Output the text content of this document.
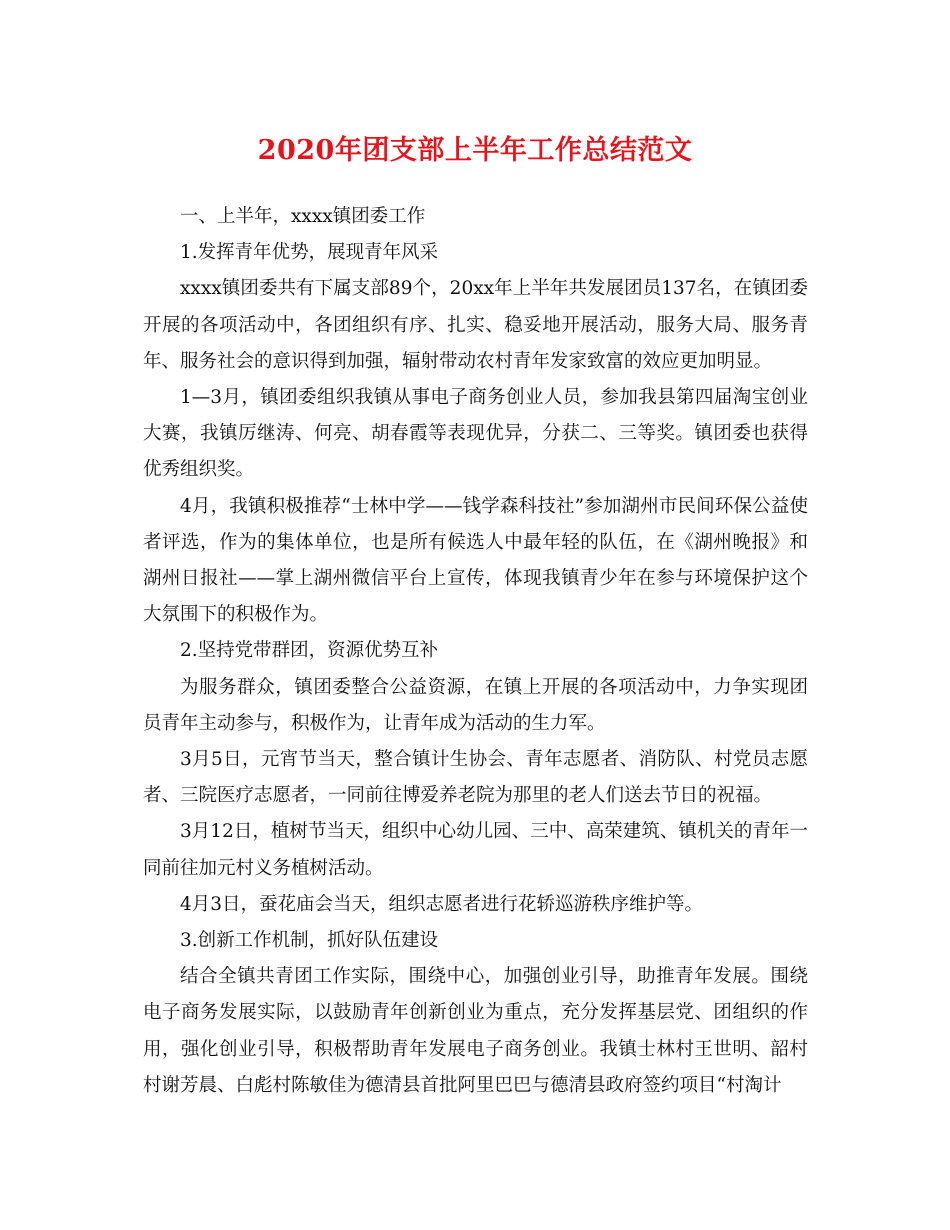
2020年团支部上半年工作总结范文

一、上半年，xxxx镇团委工作

1.发挥青年优势，展现青年风采

xxxx镇团委共有下属支部89个，20xx年上半年共发展团员137名，在镇团委开展的各项活动中，各团组织有序、扎实、稳妥地开展活动，服务大局、服务青年、服务社会的意识得到加强，辐射带动农村青年发家致富的效应更加明显。

1—3月，镇团委组织我镇从事电子商务创业人员，参加我县第四届淘宝创业大赛，我镇厉继涛、何亮、胡春霞等表现优异，分获二、三等奖。镇团委也获得优秀组织奖。

4月，我镇积极推荐“士林中学——钱学森科技社”参加湖州市民间环保公益使者评选，作为的集体单位，也是所有候选人中最年轻的队伍，在《湖州晚报》和湖州日报社——掌上湖州微信平台上宣传，体现我镇青少年在参与环境保护这个大氛围下的积极作为。

2.坚持党带群团，资源优势互补

为服务群众，镇团委整合公益资源，在镇上开展的各项活动中，力争实现团员青年主动参与，积极作为，让青年成为活动的生力军。

3月5日，元宵节当天，整合镇计生协会、青年志愿者、消防队、村党员志愿者、三院医疗志愿者，一同前往博爱养老院为那里的老人们送去节日的祝福。

3月12日，植树节当天，组织中心幼儿园、三中、高荣建筑、镇机关的青年一同前往加元村义务植树活动。

4月3日，蚕花庙会当天，组织志愿者进行花轿巡游秩序维护等。

3.创新工作机制，抓好队伍建设

结合全镇共青团工作实际，围绕中心，加强创业引导，助推青年发展。围绕电子商务发展实际，以鼓励青年创新创业为重点，充分发挥基层党、团组织的作用，强化创业引导，积极帮助青年发展电子商务创业。我镇士林村王世明、韶村村谢芳晨、白彪村陈敏佳为德清县首批阿里巴巴与德清县政府签约项目“村淘计
